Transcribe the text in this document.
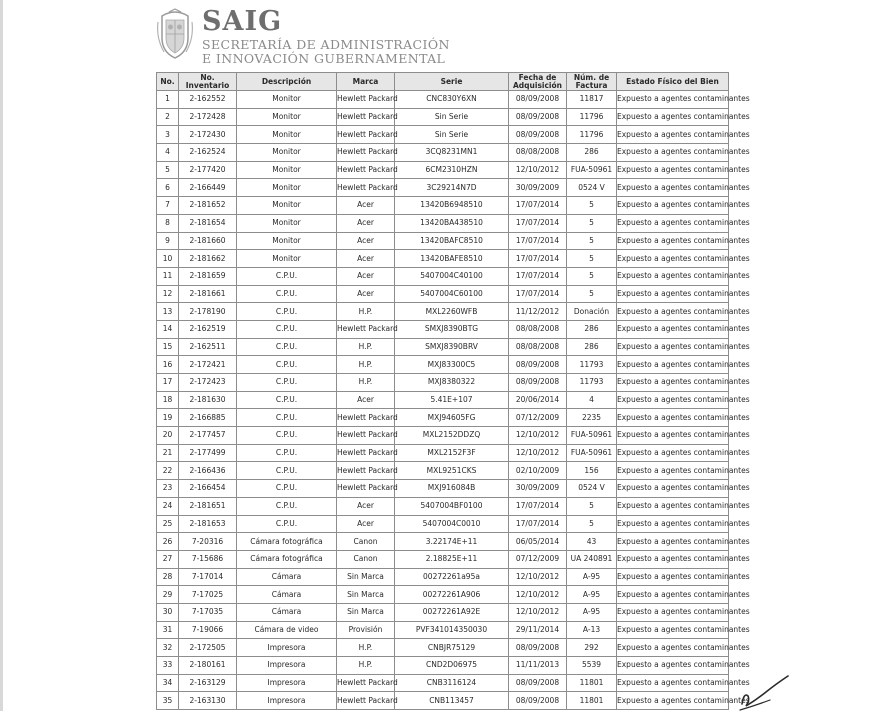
SAIG
SECRETARÍA DE ADMINISTRACIÓN
E INNOVACIÓN GUBERNAMENTAL
No.	No. Inventario	Descripción	Marca	Serie	Fecha de Adquisición	Núm. de Factura	Estado Físico del Bien
1	2-162552	Monitor	Hewlett Packard	CNC830Y6XN	08/09/2008	11817	Expuesto a agentes contaminantes
2	2-172428	Monitor	Hewlett Packard	Sin Serie	08/09/2008	11796	Expuesto a agentes contaminantes
3	2-172430	Monitor	Hewlett Packard	Sin Serie	08/09/2008	11796	Expuesto a agentes contaminantes
4	2-162524	Monitor	Hewlett Packard	3CQ8231MN1	08/08/2008	286	Expuesto a agentes contaminantes
5	2-177420	Monitor	Hewlett Packard	6CM2310HZN	12/10/2012	FUA-50961	Expuesto a agentes contaminantes
6	2-166449	Monitor	Hewlett Packard	3C29214N7D	30/09/2009	0524 V	Expuesto a agentes contaminantes
7	2-181652	Monitor	Acer	13420B6948510	17/07/2014	5	Expuesto a agentes contaminantes
8	2-181654	Monitor	Acer	13420BA438510	17/07/2014	5	Expuesto a agentes contaminantes
9	2-181660	Monitor	Acer	13420BAFC8510	17/07/2014	5	Expuesto a agentes contaminantes
10	2-181662	Monitor	Acer	13420BAFE8510	17/07/2014	5	Expuesto a agentes contaminantes
11	2-181659	C.P.U.	Acer	5407004C40100	17/07/2014	5	Expuesto a agentes contaminantes
12	2-181661	C.P.U.	Acer	5407004C60100	17/07/2014	5	Expuesto a agentes contaminantes
13	2-178190	C.P.U.	H.P.	MXL2260WFB	11/12/2012	Donación	Expuesto a agentes contaminantes
14	2-162519	C.P.U.	Hewlett Packard	SMXJ8390BTG	08/08/2008	286	Expuesto a agentes contaminantes
15	2-162511	C.P.U.	H.P.	SMXJ8390BRV	08/08/2008	286	Expuesto a agentes contaminantes
16	2-172421	C.P.U.	H.P.	MXJ83300C5	08/09/2008	11793	Expuesto a agentes contaminantes
17	2-172423	C.P.U.	H.P.	MXJ8380322	08/09/2008	11793	Expuesto a agentes contaminantes
18	2-181630	C.P.U.	Acer	5.41E+107	20/06/2014	4	Expuesto a agentes contaminantes
19	2-166885	C.P.U.	Hewlett Packard	MXJ94605FG	07/12/2009	2235	Expuesto a agentes contaminantes
20	2-177457	C.P.U.	Hewlett Packard	MXL2152DDZQ	12/10/2012	FUA-50961	Expuesto a agentes contaminantes
21	2-177499	C.P.U.	Hewlett Packard	MXL2152F3F	12/10/2012	FUA-50961	Expuesto a agentes contaminantes
22	2-166436	C.P.U.	Hewlett Packard	MXL9251CKS	02/10/2009	156	Expuesto a agentes contaminantes
23	2-166454	C.P.U.	Hewlett Packard	MXJ916084B	30/09/2009	0524 V	Expuesto a agentes contaminantes
24	2-181651	C.P.U.	Acer	5407004BF0100	17/07/2014	5	Expuesto a agentes contaminantes
25	2-181653	C.P.U.	Acer	5407004C0010	17/07/2014	5	Expuesto a agentes contaminantes
26	7-20316	Cámara fotográfica	Canon	3.22174E+11	06/05/2014	43	Expuesto a agentes contaminantes
27	7-15686	Cámara fotográfica	Canon	2.18825E+11	07/12/2009	UA 240891	Expuesto a agentes contaminantes
28	7-17014	Cámara	Sin Marca	00272261a95a	12/10/2012	A-95	Expuesto a agentes contaminantes
29	7-17025	Cámara	Sin Marca	00272261A906	12/10/2012	A-95	Expuesto a agentes contaminantes
30	7-17035	Cámara	Sin Marca	00272261A92E	12/10/2012	A-95	Expuesto a agentes contaminantes
31	7-19066	Cámara de video	Provisión	PVF341014350030	29/11/2014	A-13	Expuesto a agentes contaminantes
32	2-172505	Impresora	H.P.	CNBJR75129	08/09/2008	292	Expuesto a agentes contaminantes
33	2-180161	Impresora	H.P.	CND2D06975	11/11/2013	5539	Expuesto a agentes contaminantes
34	2-163129	Impresora	Hewlett Packard	CNB3116124	08/09/2008	11801	Expuesto a agentes contaminantes
35	2-163130	Impresora	Hewlett Packard	CNB113457	08/09/2008	11801	Expuesto a agentes contaminantes
